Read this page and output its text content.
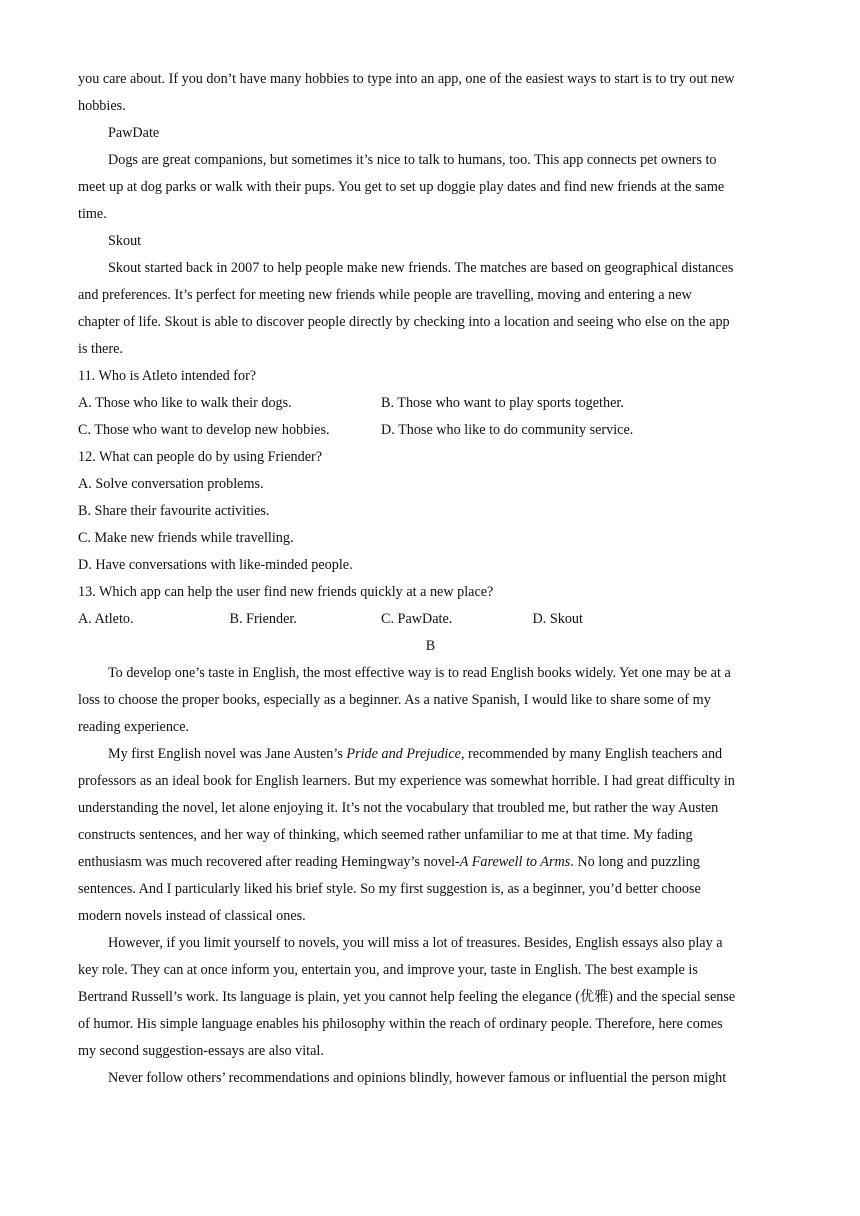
you care about. If you don’t have many hobbies to type into an app, one of the easiest ways to start is to try out new
hobbies.
PawDate
Dogs are great companions, but sometimes it’s nice to talk to humans, too. This app connects pet owners to
meet up at dog parks or walk with their pups. You get to set up doggie play dates and find new friends at the same
time.
Skout
Skout started back in 2007 to help people make new friends. The matches are based on geographical distances
and preferences. It’s perfect for meeting new friends while people are travelling, moving and entering a new
chapter of life. Skout is able to discover people directly by checking into a location and seeing who else on the app
is there.
11. Who is Atleto intended for?
A. Those who like to walk their dogs.	B. Those who want to play sports together.
C. Those who want to develop new hobbies.	D. Those who like to do community service.
12. What can people do by using Friender?
A. Solve conversation problems.
B. Share their favourite activities.
C. Make new friends while travelling.
D. Have conversations with like-minded people.
13. Which app can help the user find new friends quickly at a new place?
A. Atleto.	B. Friender.	C. PawDate.	D. Skout
B
To develop one’s taste in English, the most effective way is to read English books widely. Yet one may be at a
loss to choose the proper books, especially as a beginner. As a native Spanish, I would like to share some of my
reading experience.
My first English novel was Jane Austen’s Pride and Prejudice, recommended by many English teachers and
professors as an ideal book for English learners. But my experience was somewhat horrible. I had great difficulty in
understanding the novel, let alone enjoying it. It’s not the vocabulary that troubled me, but rather the way Austen
constructs sentences, and her way of thinking, which seemed rather unfamiliar to me at that time. My fading
enthusiasm was much recovered after reading Hemingway’s novel-A Farewell to Arms. No long and puzzling
sentences. And I particularly liked his brief style. So my first suggestion is, as a beginner, you’d better choose
modern novels instead of classical ones.
However, if you limit yourself to novels, you will miss a lot of treasures. Besides, English essays also play a
key role. They can at once inform you, entertain you, and improve your, taste in English. The best example is
Bertrand Russell’s work. Its language is plain, yet you cannot help feeling the elegance (优雅) and the special sense
of humor. His simple language enables his philosophy within the reach of ordinary people. Therefore, here comes
my second suggestion-essays are also vital.
Never follow others’ recommendations and opinions blindly, however famous or influential the person might
